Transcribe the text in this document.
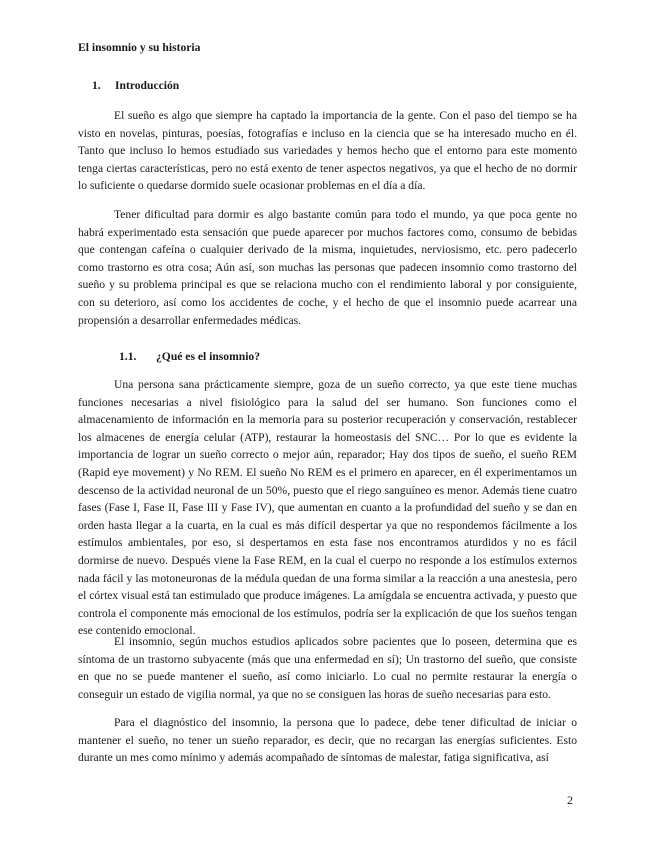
El insomnio y su historia
1. Introducción

El sueño es algo que siempre ha captado la importancia de la gente. Con el paso del tiempo se ha visto en novelas, pinturas, poesías, fotografías e incluso en la ciencia que se ha interesado mucho en él. Tanto que incluso lo hemos estudiado sus variedades y hemos hecho que el entorno para este momento tenga ciertas características, pero no está exento de tener aspectos negativos, ya que el hecho de no dormir lo suficiente o quedarse dormido suele ocasionar problemas en el día a día.

Tener dificultad para dormir es algo bastante común para todo el mundo, ya que poca gente no habrá experimentado esta sensación que puede aparecer por muchos factores como, consumo de bebidas que contengan cafeína o cualquier derivado de la misma, inquietudes, nerviosismo, etc. pero padecerlo como trastorno es otra cosa; Aún así, son muchas las personas que padecen insomnio como trastorno del sueño y su problema principal es que se relaciona mucho con el rendimiento laboral y por consiguiente, con su deterioro, así como los accidentes de coche, y el hecho de que el insomnio puede acarrear una propensión a desarrollar enfermedades médicas.

1.1. ¿Qué es el insomnio?

Una persona sana prácticamente siempre, goza de un sueño correcto, ya que este tiene muchas funciones necesarias a nivel fisiológico para la salud del ser humano. Son funciones como el almacenamiento de información en la memoria para su posterior recuperación y conservación, restablecer los almacenes de energía celular (ATP), restaurar la homeostasis del SNC… Por lo que es evidente la importancia de lograr un sueño correcto o mejor aún, reparador; Hay dos tipos de sueño, el sueño REM (Rapid eye movement) y No REM. El sueño No REM es el primero en aparecer, en él experimentamos un descenso de la actividad neuronal de un 50%, puesto que el riego sanguíneo es menor. Además tiene cuatro fases (Fase I, Fase II, Fase III y Fase IV), que aumentan en cuanto a la profundidad del sueño y se dan en orden hasta llegar a la cuarta, en la cual es más difícil despertar ya que no respondemos fácilmente a los estímulos ambientales, por eso, si despertamos en esta fase nos encontramos aturdidos y no es fácil dormirse de nuevo. Después viene la Fase REM, en la cual el cuerpo no responde a los estímulos externos nada fácil y las motoneuronas de la médula quedan de una forma similar a la reacción a una anestesia, pero el córtex visual está tan estimulado que produce imágenes. La amígdala se encuentra activada, y puesto que controla el componente más emocional de los estímulos, podría ser la explicación de que los sueños tengan ese contenido emocional.

El insomnio, según muchos estudios aplicados sobre pacientes que lo poseen, determina que es síntoma de un trastorno subyacente (más que una enfermedad en sí); Un trastorno del sueño, que consiste en que no se puede mantener el sueño, así como iniciarlo. Lo cual no permite restaurar la energía o conseguir un estado de vigilia normal, ya que no se consiguen las horas de sueño necesarias para esto.

Para el diagnóstico del insomnio, la persona que lo padece, debe tener dificultad de iniciar o mantener el sueño, no tener un sueño reparador, es decir, que no recargan las energías suficientes. Esto durante un mes como mínimo y además acompañado de síntomas de malestar, fatiga significativa, así

2
